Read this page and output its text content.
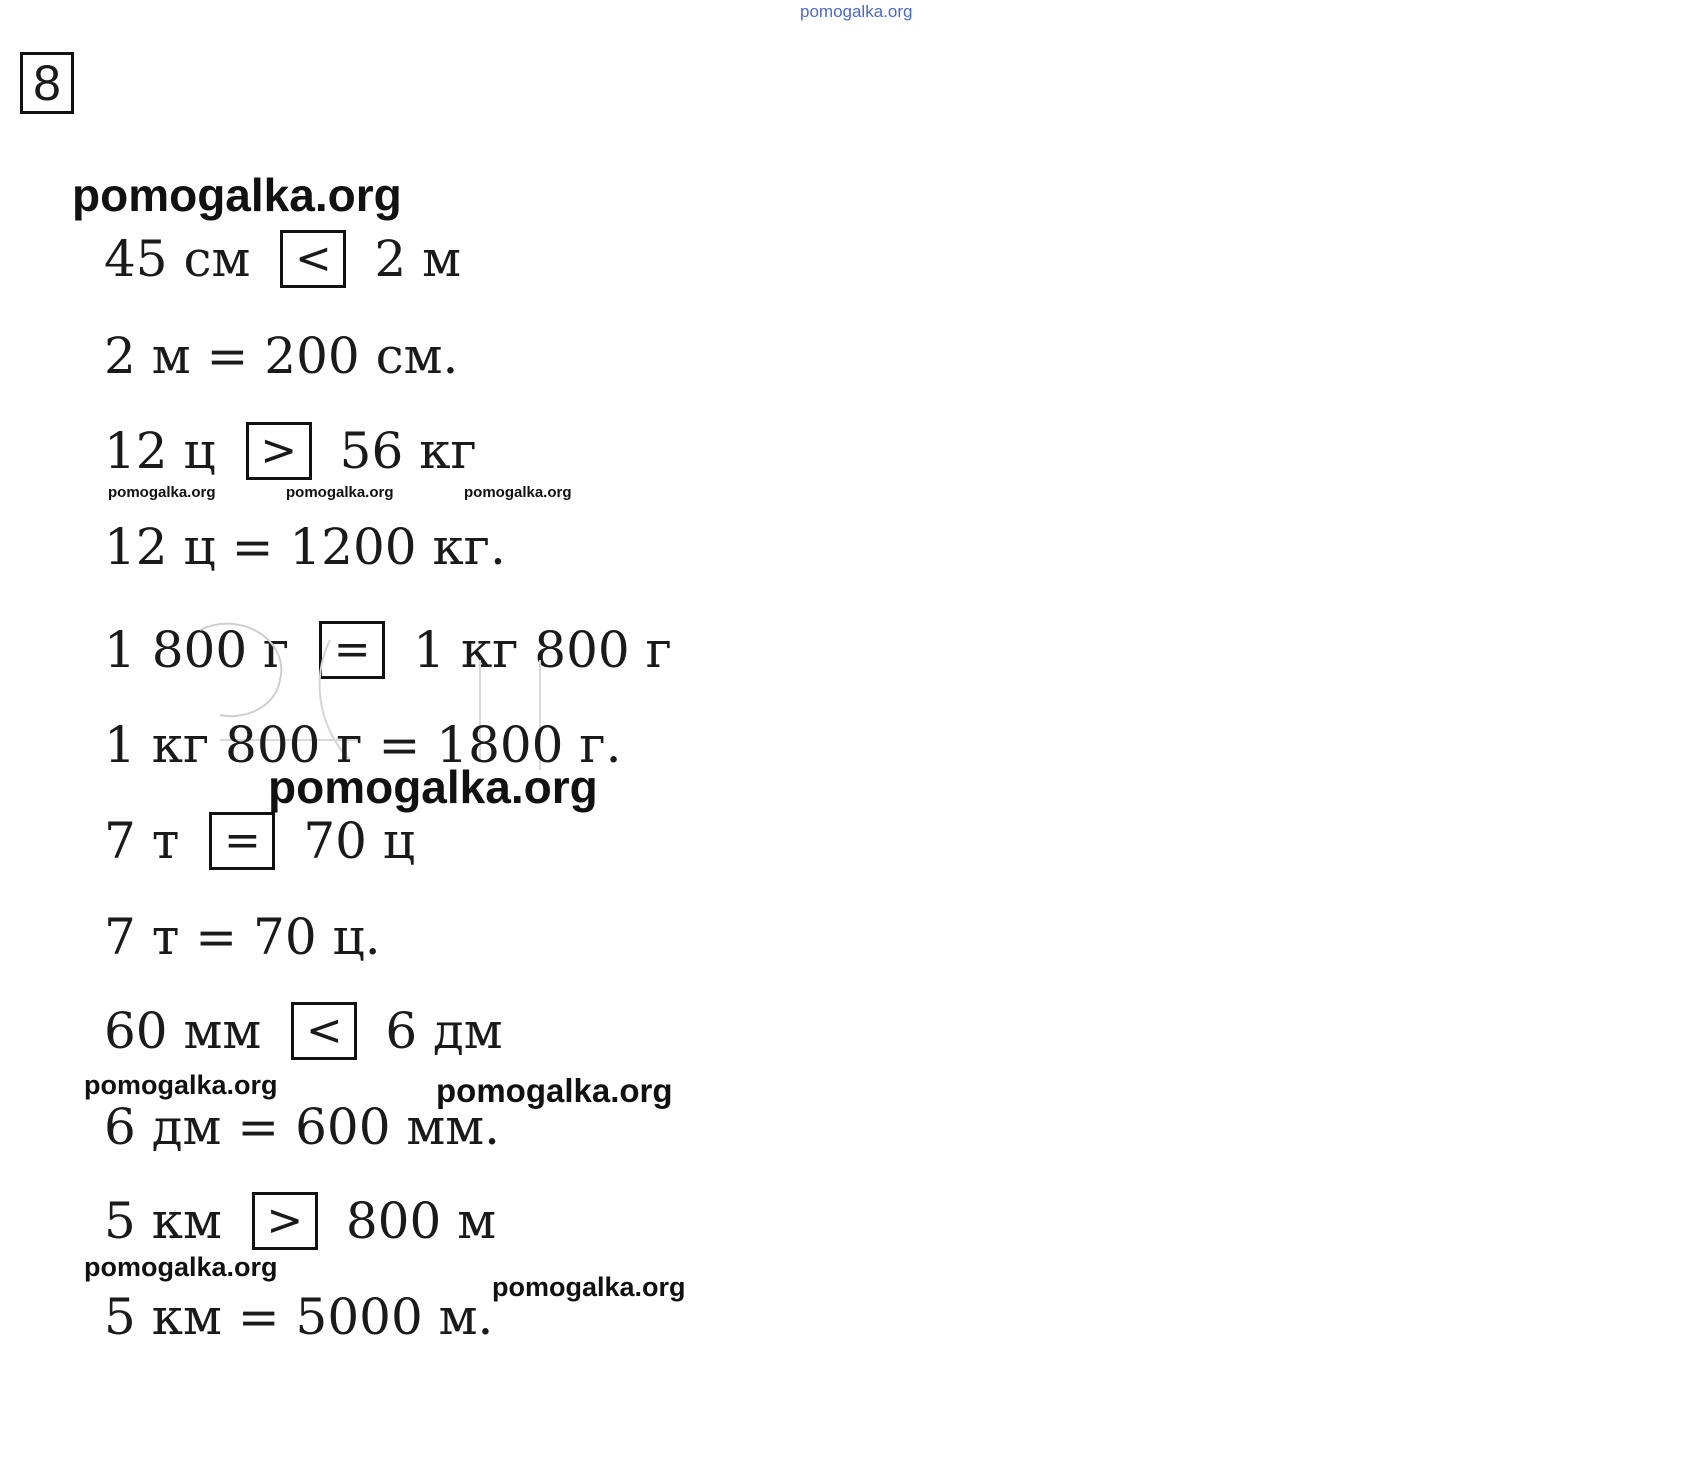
pomogalka.org
8
pomogalka.org
45 см	< 2 м
2 м = 200 см.
12 ц	> 56 кг
pomogalka.org	pomogalka.org	pomogalka.org
12 ц = 1200 кг.
1 800 г	= 1 кг 800 г
1 кг 800 г = 1800 г.
pomogalka.org
7 т	= 70 ц
7 т = 70 ц.
60 мм	< 6 дм
pomogalka.org	pomogalka.org
6 дм = 600 мм.
5 км	> 800 м
pomogalka.org
pomogalka.org
5 км = 5000 м.
